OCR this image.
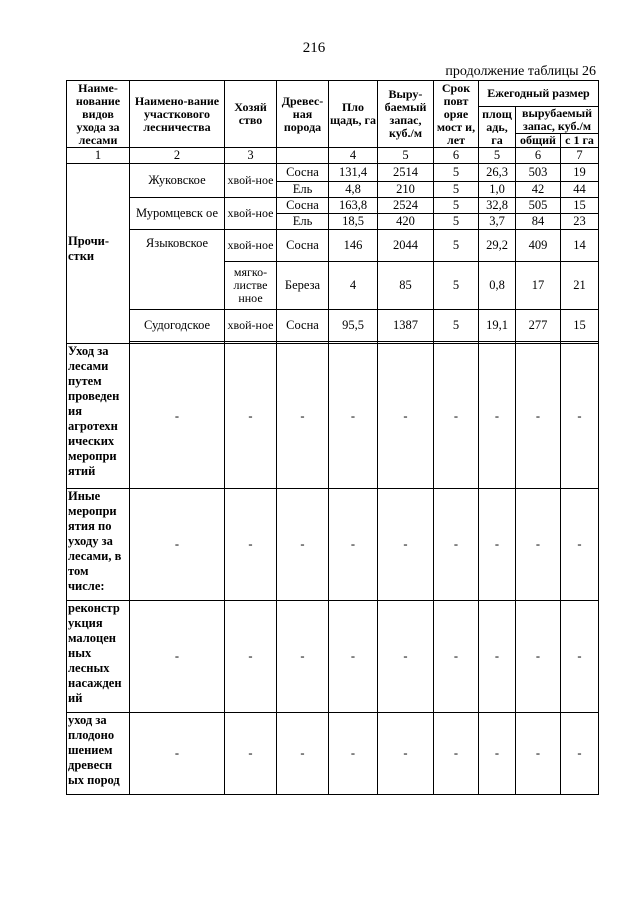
216
продолжение таблицы 26
Наиме-нование видов ухода за лесами	Наимено-вание участкового лесничества	Хозяй ство	Древес-ная порода	Пло щадь, га	Выру-баемый запас, куб./м	Срок повт оряе мост и, лет	Ежегодный размер		
							площ адь, га	вырубаемый запас, куб./м	
								общий	с 1 га
1	2	3		4	5	6	5	6	7
Прочи-стки	Жуковское	хвой-ное	Сосна	131,4	2514	5	26,3	503	19
			Ель	4,8	210	5	1,0	42	44
	Муромцевск ое	хвой-ное	Сосна	163,8	2524	5	32,8	505	15
			Ель	18,5	420	5	3,7	84	23
	Языковское	хвой-ное	Сосна	146	2044	5	29,2	409	14
		мягко-листве нное	Береза	4	85	5	0,8	17	21
	Судогодское	хвой-ное	Сосна	95,5	1387	5	19,1	277	15

Уход за лесами путем проведен ия агротехн ических меропри ятий	-	-	-	-	-	-	-	-	-
Иные меропри ятия по уходу за лесами, в том числе:	-	-	-	-	-	-	-	-	-
реконстр укция малоцен ных лесных насажден ий	-	-	-	-	-	-	-	-	-
уход за плодоно шением древесн ых пород	-	-	-	-	-	-	-	-	-
